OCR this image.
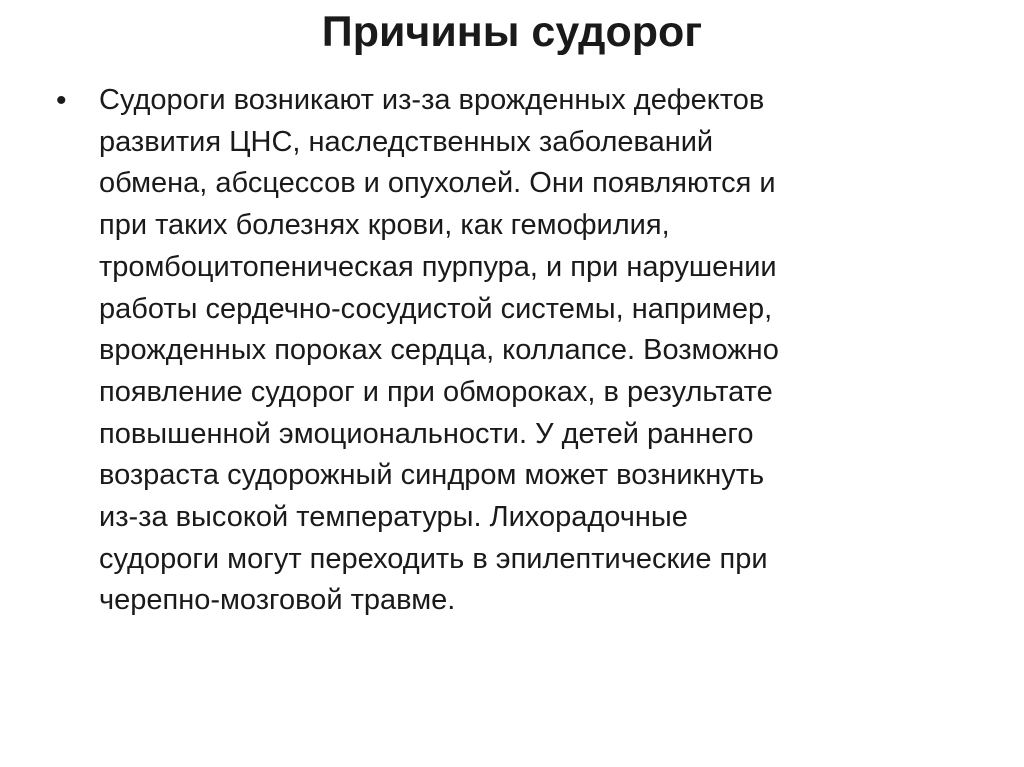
Причины судорог
•	Судороги возникают из-за врожденных дефектов
развития ЦНС, наследственных заболеваний
обмена, абсцессов и опухолей. Они появляются и
при таких болезнях крови, как гемофилия,
тромбоцитопеническая пурпура, и при нарушении
работы сердечно-сосудистой системы, например,
врожденных пороках сердца, коллапсе. Возможно
появление судорог и при обмороках, в результате
повышенной эмоциональности. У детей раннего
возраста судорожный синдром может возникнуть
из-за высокой температуры. Лихорадочные
судороги могут переходить в эпилептические при
черепно-мозговой травме.
